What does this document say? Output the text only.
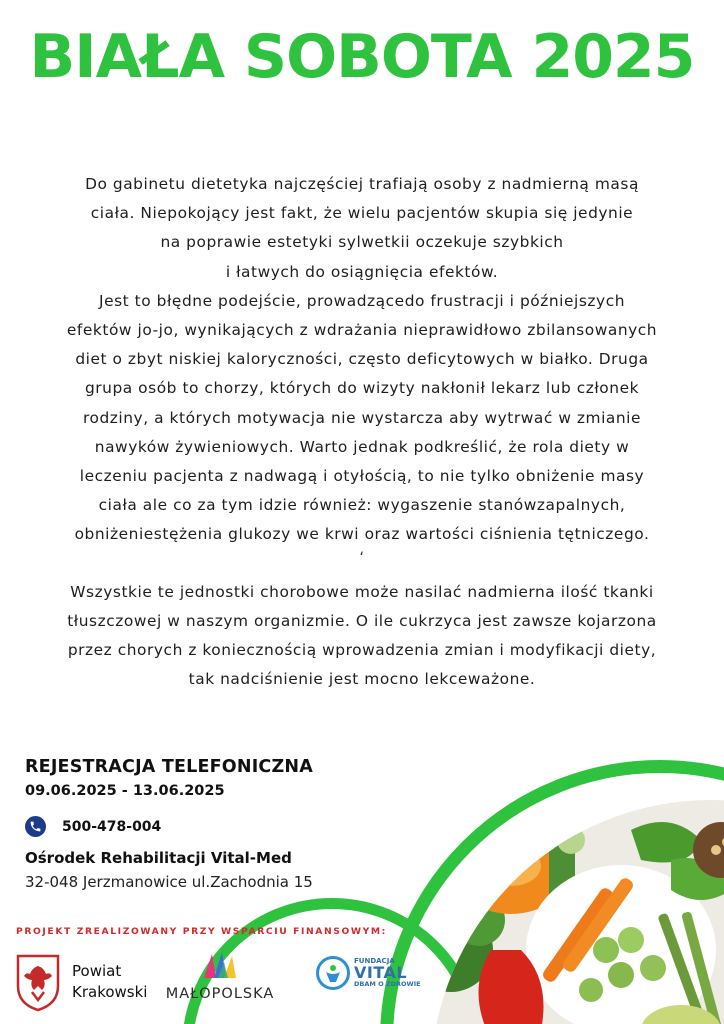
BIAŁA SOBOTA 2025
Do gabinetu dietetyka najczęściej trafiają osoby z nadmierną masą
ciała. Niepokojący jest fakt, że wielu pacjentów skupia się jedynie
na poprawie estetyki sylwetkii oczekuje szybkich
i łatwych do osiągnięcia efektów.
Jest to błędne podejście, prowadzącedo frustracji i późniejszych
efektów jo-jo, wynikających z wdrażania nieprawidłowo zbilansowanych
diet o zbyt niskiej kaloryczności, często deficytowych w białko. Druga
grupa osób to chorzy, których do wizyty nakłonił lekarz lub członek
rodziny, a których motywacja nie wystarcza aby wytrwać w zmianie
nawyków żywieniowych. Warto jednak podkreślić, że rola diety w
leczeniu pacjenta z nadwagą i otyłością, to nie tylko obniżenie masy
ciała ale co za tym idzie również: wygaszenie stanówzapalnych,
obniżeniestężenia glukozy we krwi oraz wartości ciśnienia tętniczego.
‘
Wszystkie te jednostki chorobowe może nasilać nadmierna ilość tkanki
tłuszczowej w naszym organizmie. O ile cukrzyca jest zawsze kojarzona
przez chorych z koniecznością wprowadzenia zmian i modyfikacji diety,
tak nadciśnienie jest mocno lekceważone.
REJESTRACJA TELEFONICZNA
09.06.2025 - 13.06.2025
500-478-004
Ośrodek Rehabilitacji Vital-Med
32-048 Jerzmanowice ul.Zachodnia 15
PROJEKT ZREALIZOWANY PRZY WSPARCIU FINANSOWYM:
Powiat
Krakowski MAŁOPOLSKA
FUNDACJA
VITAL
DBAM O ZDROWIE
